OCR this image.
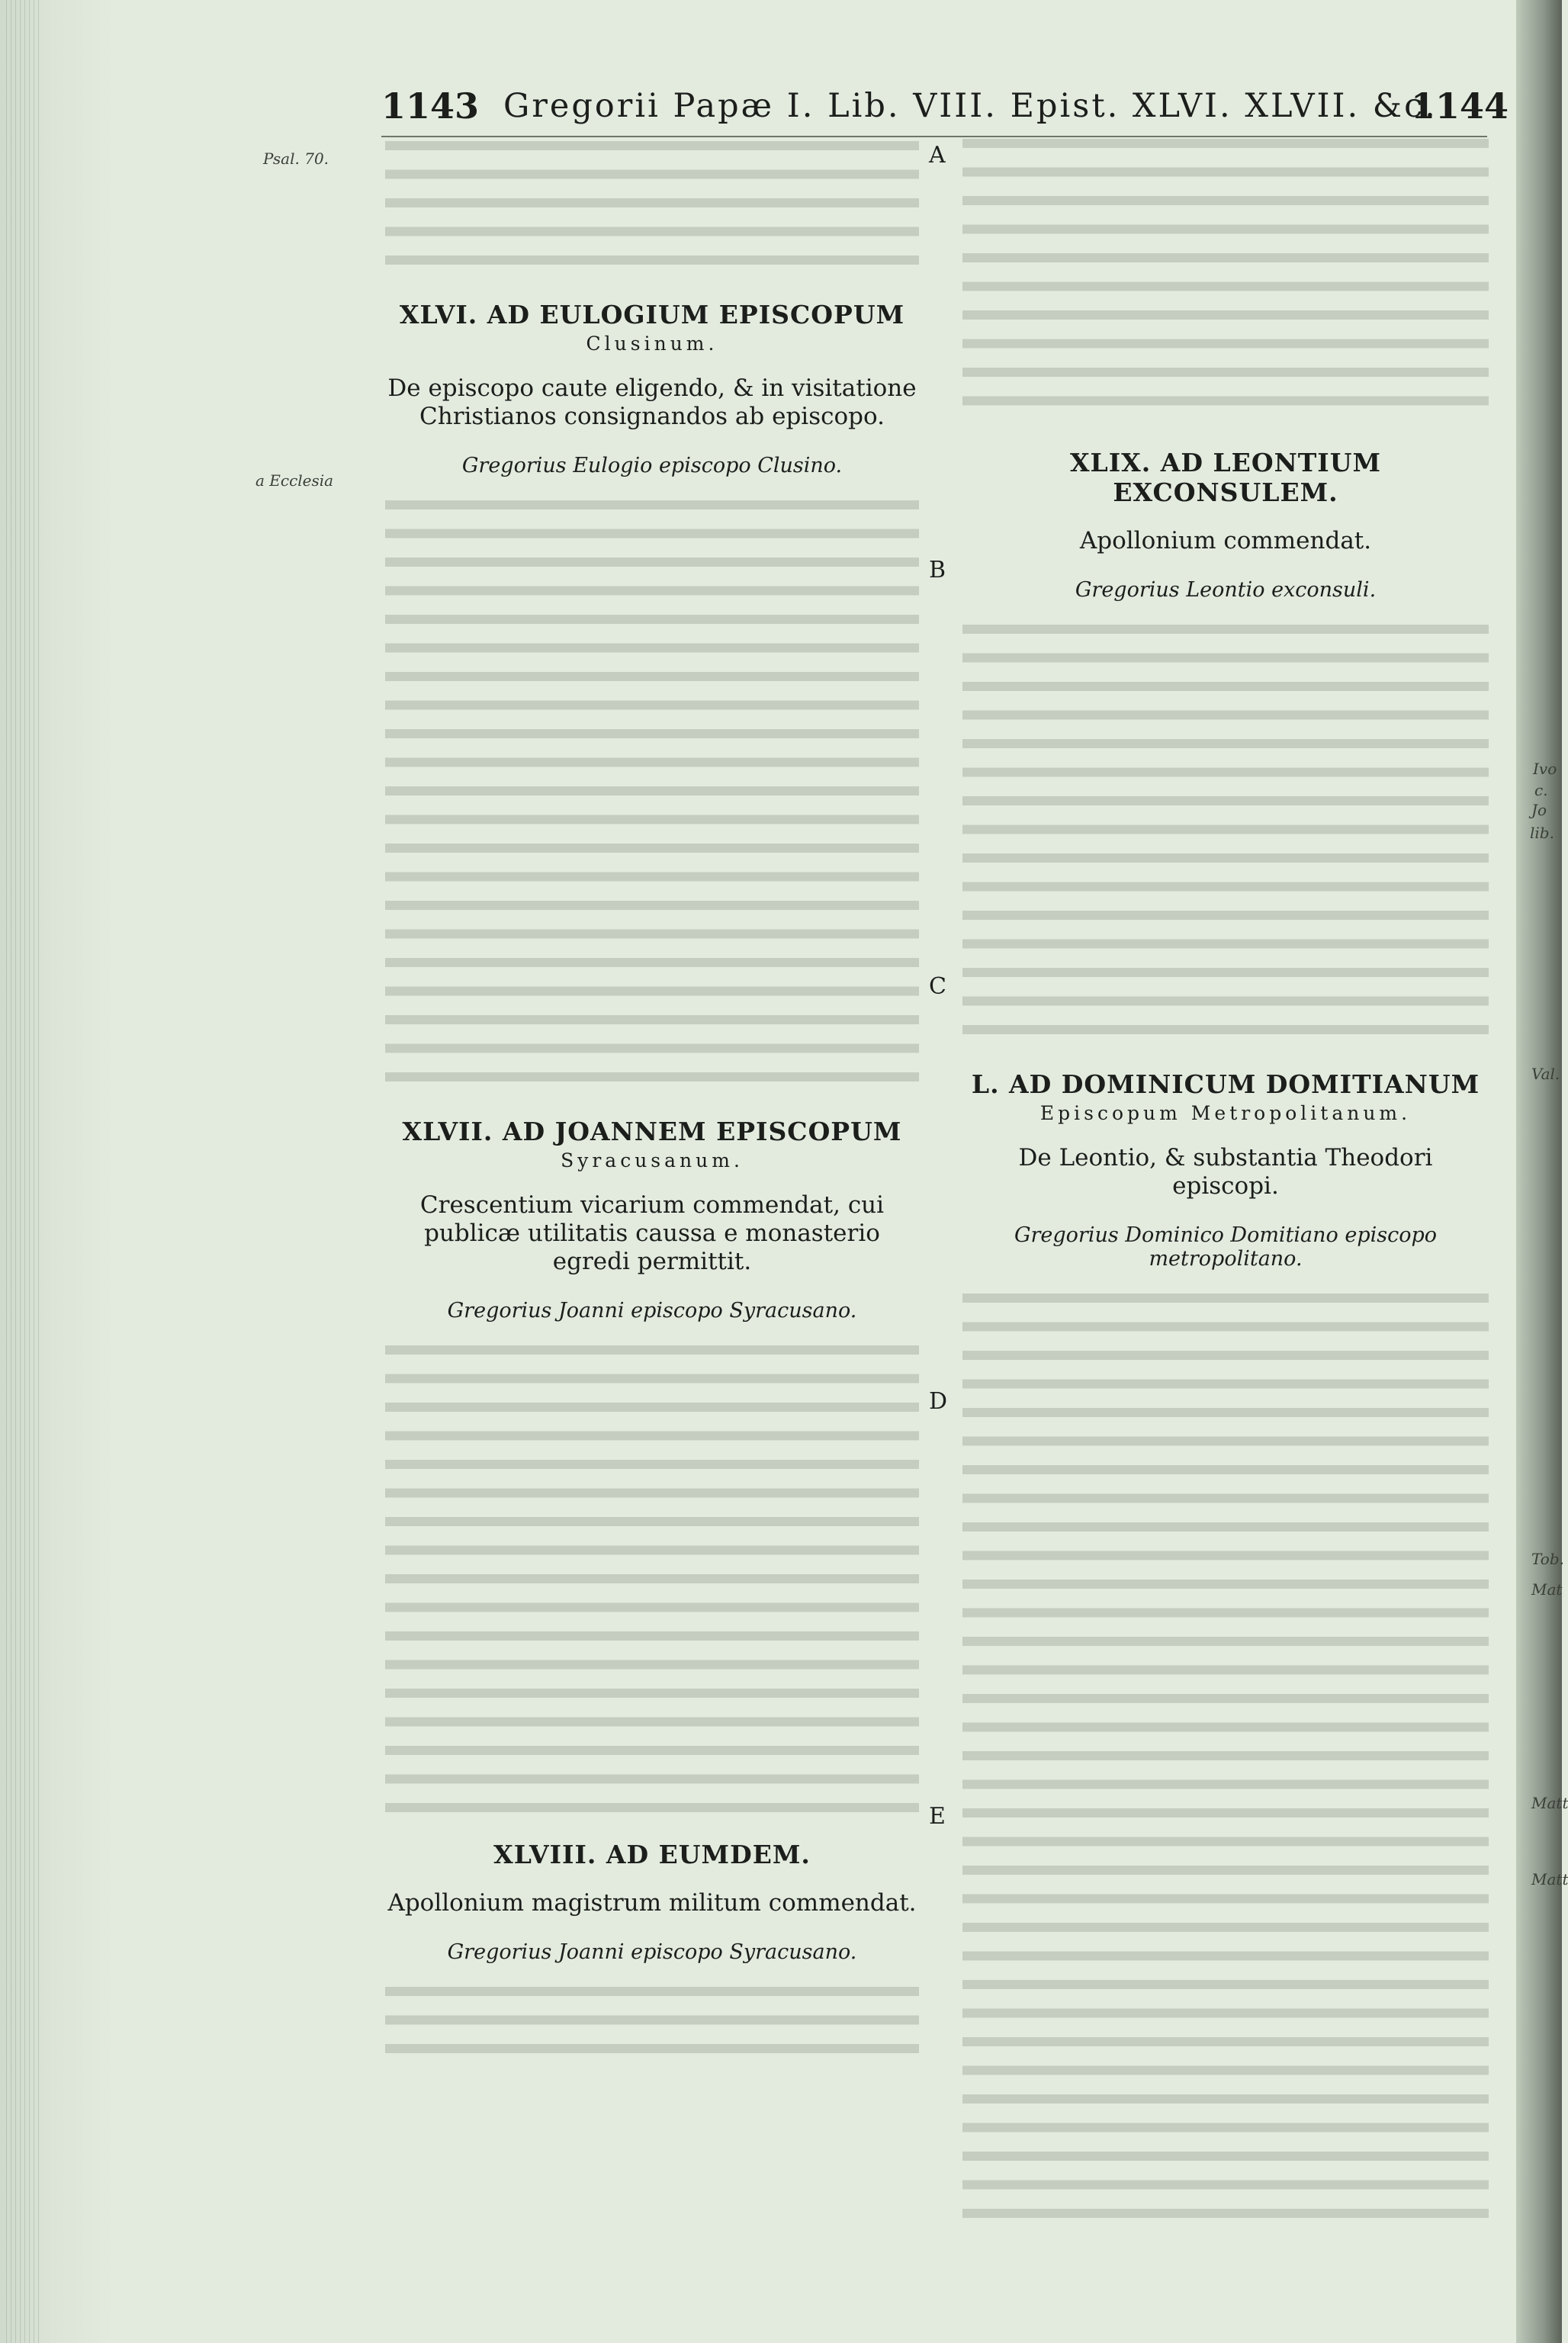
1143 Gregorii Papæ I. Lib. VIII. Epist. XLVI. XLVII. &c.
1144
Psal. 70.
a Ecclesia
Ivo
c.
Jo
lib.
Val.
Tob.
Mat
Matt
Matt
A
B
C
D
E
XLVI. AD EULOGIUM EPISCOPUM
Clusinum.

De episcopo caute eligendo, & in visitatione Christianos consignandos ab episcopo.

Gregorius Eulogio episcopo Clusino.

XLVII. AD JOANNEM EPISCOPUM
Syracusanum.

Crescentium vicarium commendat, cui publicæ utilitatis caussa e monasterio egredi permittit.

Gregorius Joanni episcopo Syracusano.

XLVIII. AD EUMDEM.

Apollonium magistrum militum commendat.

Gregorius Joanni episcopo Syracusano.

XLIX. AD LEONTIUM EXCONSULEM.

Apollonium commendat.

Gregorius Leontio exconsuli.

L. AD DOMINICUM DOMITIANUM
Episcopum Metropolitanum.

De Leontio, & substantia Theodori episcopi.

Gregorius Dominico Domitiano episcopo metropolitano.
